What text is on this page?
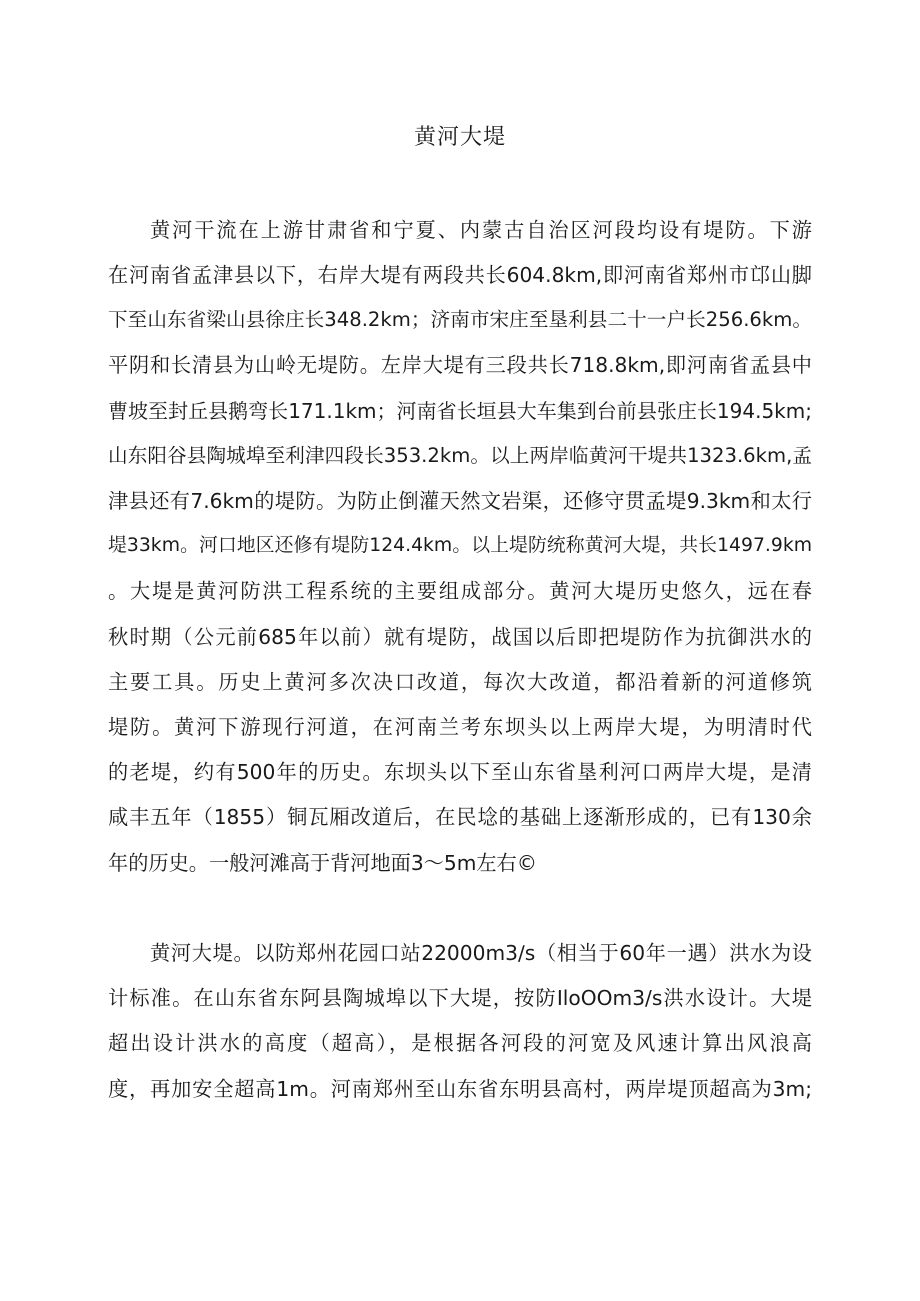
黄河大堤
黄河干流在上游甘肃省和宁夏、内蒙古自治区河段均设有堤防。下游
在河南省孟津县以下，右岸大堤有两段共长604.8km,即河南省郑州市邙山脚
下至山东省梁山县徐庄长348.2km；济南市宋庄至垦利县二十一户长256.6km。
平阴和长清县为山岭无堤防。左岸大堤有三段共长718.8km,即河南省孟县中
曹坡至封丘县鹅弯长171.1km；河南省长垣县大车集到台前县张庄长194.5km;
山东阳谷县陶城埠至利津四段长353.2km。以上两岸临黄河干堤共1323.6km,孟
津县还有7.6km的堤防。为防止倒灌天然文岩渠，还修守贯孟堤9.3km和太行
堤33km。河口地区还修有堤防124.4km。以上堤防统称黄河大堤，共长1497.9km
。大堤是黄河防洪工程系统的主要组成部分。黄河大堤历史悠久，远在春
秋时期（公元前685年以前）就有堤防，战国以后即把堤防作为抗御洪水的
主要工具。历史上黄河多次决口改道，每次大改道，都沿着新的河道修筑
堤防。黄河下游现行河道，在河南兰考东坝头以上两岸大堤，为明清时代
的老堤，约有500年的历史。东坝头以下至山东省垦利河口两岸大堤，是清
咸丰五年（1855）铜瓦厢改道后，在民埝的基础上逐渐形成的，已有130余
年的历史。一般河滩高于背河地面3～5m左右©
黄河大堤。以防郑州花园口站22000m3∕s（相当于60年一遇）洪水为设
计标准。在山东省东阿县陶城埠以下大堤，按防IloOOm3/s洪水设计。大堤
超出设计洪水的高度（超高），是根据各河段的河宽及风速计算出风浪高
度，再加安全超高1m。河南郑州至山东省东明县高村，两岸堤顶超高为3m;
